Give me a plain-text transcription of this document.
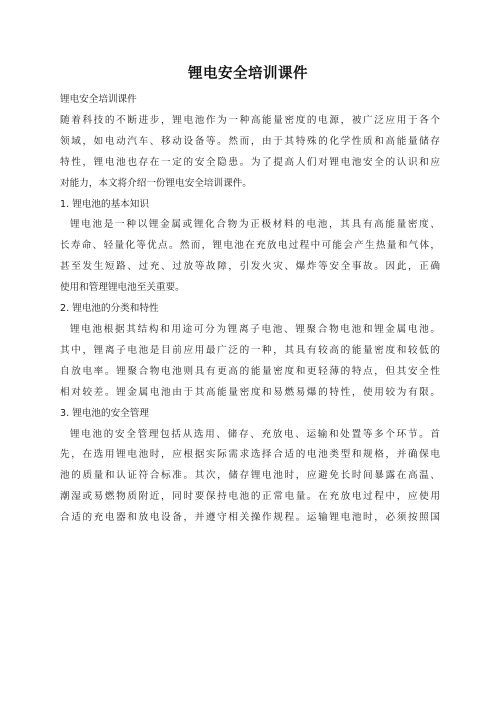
锂电安全培训课件
锂电安全培训课件
随着科技的不断进步，锂电池作为一种高能量密度的电源，被广泛应用于各个
领域，如电动汽车、移动设备等。然而，由于其特殊的化学性质和高能量储存
特性，锂电池也存在一定的安全隐患。为了提高人们对锂电池安全的认识和应
对能力，本文将介绍一份锂电安全培训课件。
1. 锂电池的基本知识
锂电池是一种以锂金属或锂化合物为正极材料的电池，其具有高能量密度、
长寿命、轻量化等优点。然而，锂电池在充放电过程中可能会产生热量和气体，
甚至发生短路、过充、过放等故障，引发火灾、爆炸等安全事故。因此，正确
使用和管理锂电池至关重要。
2. 锂电池的分类和特性
锂电池根据其结构和用途可分为锂离子电池、锂聚合物电池和锂金属电池。
其中，锂离子电池是目前应用最广泛的一种，其具有较高的能量密度和较低的
自放电率。锂聚合物电池则具有更高的能量密度和更轻薄的特点，但其安全性
相对较差。锂金属电池由于其高能量密度和易燃易爆的特性，使用较为有限。
3. 锂电池的安全管理
锂电池的安全管理包括从选用、储存、充放电、运输和处置等多个环节。首
先，在选用锂电池时，应根据实际需求选择合适的电池类型和规格，并确保电
池的质量和认证符合标准。其次，储存锂电池时，应避免长时间暴露在高温、
潮湿或易燃物质附近，同时要保持电池的正常电量。在充放电过程中，应使用
合适的充电器和放电设备，并遵守相关操作规程。运输锂电池时，必须按照国
